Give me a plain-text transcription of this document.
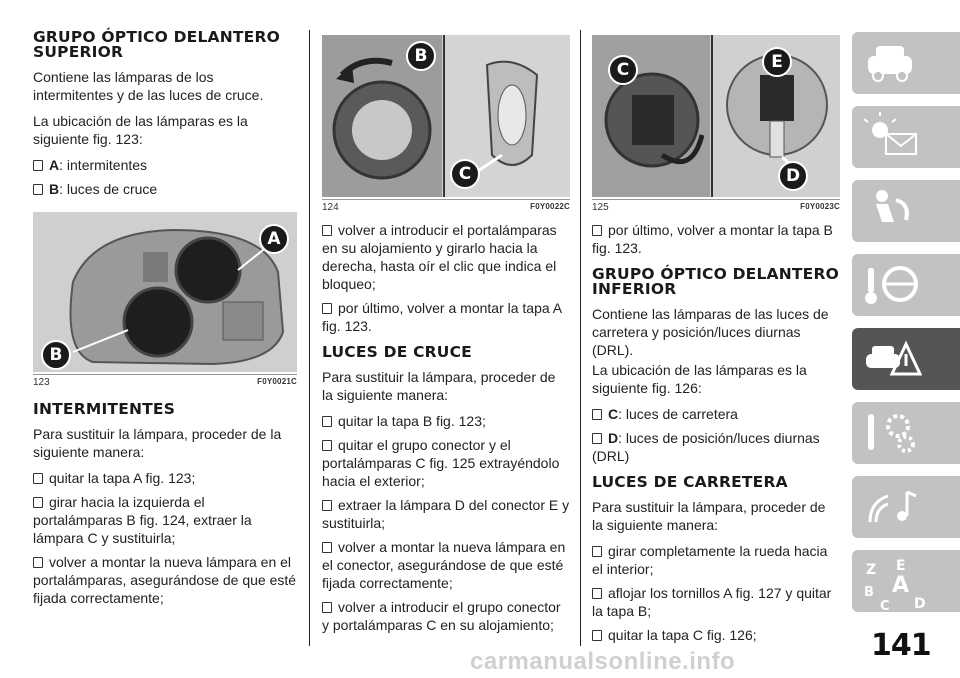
GRUPO ÓPTICO DELANTERO SUPERIOR

Contiene las lámparas de los intermitentes y de las luces de cruce.

La ubicación de las lámparas es la siguiente fig. 123:

A: intermitentes

B: luces de cruce

A
B
123	F0Y0021C
INTERMITENTES

Para sustituir la lámpara, proceder de la siguiente manera:

quitar la tapa A fig. 123;

girar hacia la izquierda el portalámparas B fig. 124, extraer la lámpara C y sustituirla;

volver a montar la nueva lámpara en el portalámparas, asegurándose de que esté fijada correctamente;

B
C
124	F0Y0022C

volver a introducir el portalámparas en su alojamiento y girarlo hacia la derecha, hasta oír el clic que indica el bloqueo;

por último, volver a montar la tapa A fig. 123.

LUCES DE CRUCE

Para sustituir la lámpara, proceder de la siguiente manera:

quitar la tapa B fig. 123;

quitar el grupo conector y el portalámparas C fig. 125 extrayéndolo hacia el exterior;

extraer la lámpara D del conector E y sustituirla;

volver a montar la nueva lámpara en el conector, asegurándose de que esté fijada correctamente;

volver a introducir el grupo conector y portalámparas C en su alojamiento;

C	E
D
125	F0Y0023C

por último, volver a montar la tapa B fig. 123.

GRUPO ÓPTICO DELANTERO INFERIOR

Contiene las lámparas de las luces de carretera y posición/luces diurnas (DRL).

La ubicación de las lámparas es la siguiente fig. 126:

C: luces de carretera

D: luces de posición/luces diurnas (DRL)

LUCES DE CARRETERA

Para sustituir la lámpara, proceder de la siguiente manera:

girar completamente la rueda hacia el interior;

aflojar los tornillos A fig. 127 y quitar la tapa B;

quitar la tapa C fig. 126;

Z E
B A
C D
141
carmanualsonline.info
